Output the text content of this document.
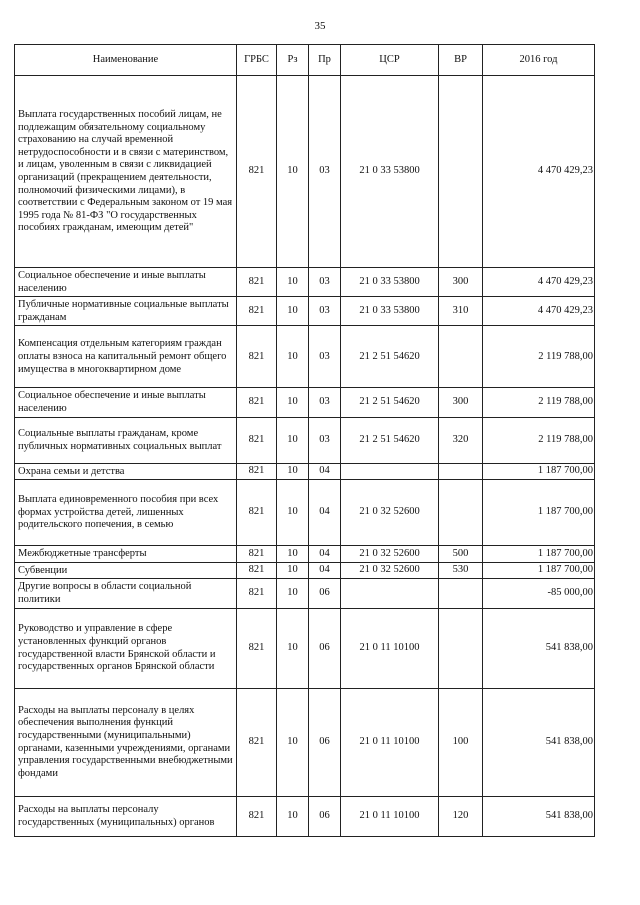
35
Наименование	ГРБС	Рз	Пр	ЦСР	ВР	2016 год
Выплата государственных пособий лицам, не подлежащим обязательному социальному страхованию на случай временной нетрудоспособности и в связи с материнством, и лицам, уволенным в связи с ликвидацией организаций (прекращением деятельности, полномочий физическими лицами), в соответствии с Федеральным законом от 19 мая 1995 года № 81-ФЗ "О государственных пособиях гражданам, имеющим детей"	821	10	03	21 0 33 53800		4 470 429,23
Социальное обеспечение и иные выплаты населению	821	10	03	21 0 33 53800	300	4 470 429,23
Публичные нормативные социальные выплаты гражданам	821	10	03	21 0 33 53800	310	4 470 429,23
Компенсация отдельным категориям граждан оплаты взноса на капитальный ремонт общего имущества в многоквартирном доме	821	10	03	21 2 51 54620		2 119 788,00
Социальное обеспечение и иные выплаты населению	821	10	03	21 2 51 54620	300	2 119 788,00
Социальные выплаты гражданам, кроме публичных нормативных социальных выплат	821	10	03	21 2 51 54620	320	2 119 788,00
Охрана семьи и детства	821	10	04			1 187 700,00
Выплата единовременного пособия при всех формах устройства детей, лишенных родительского попечения, в семью	821	10	04	21 0 32 52600		1 187 700,00
Межбюджетные трансферты	821	10	04	21 0 32 52600	500	1 187 700,00
Субвенции	821	10	04	21 0 32 52600	530	1 187 700,00
Другие вопросы в области социальной политики	821	10	06			-85 000,00
Руководство и управление в сфере установленных функций органов государственной власти Брянской области и государственных органов Брянской области	821	10	06	21 0 11 10100		541 838,00
Расходы на выплаты персоналу в целях обеспечения выполнения функций государственными (муниципальными) органами, казенными учреждениями, органами управления государственными внебюджетными фондами	821	10	06	21 0 11 10100	100	541 838,00
Расходы на выплаты персоналу государственных (муниципальных) органов	821	10	06	21 0 11 10100	120	541 838,00
